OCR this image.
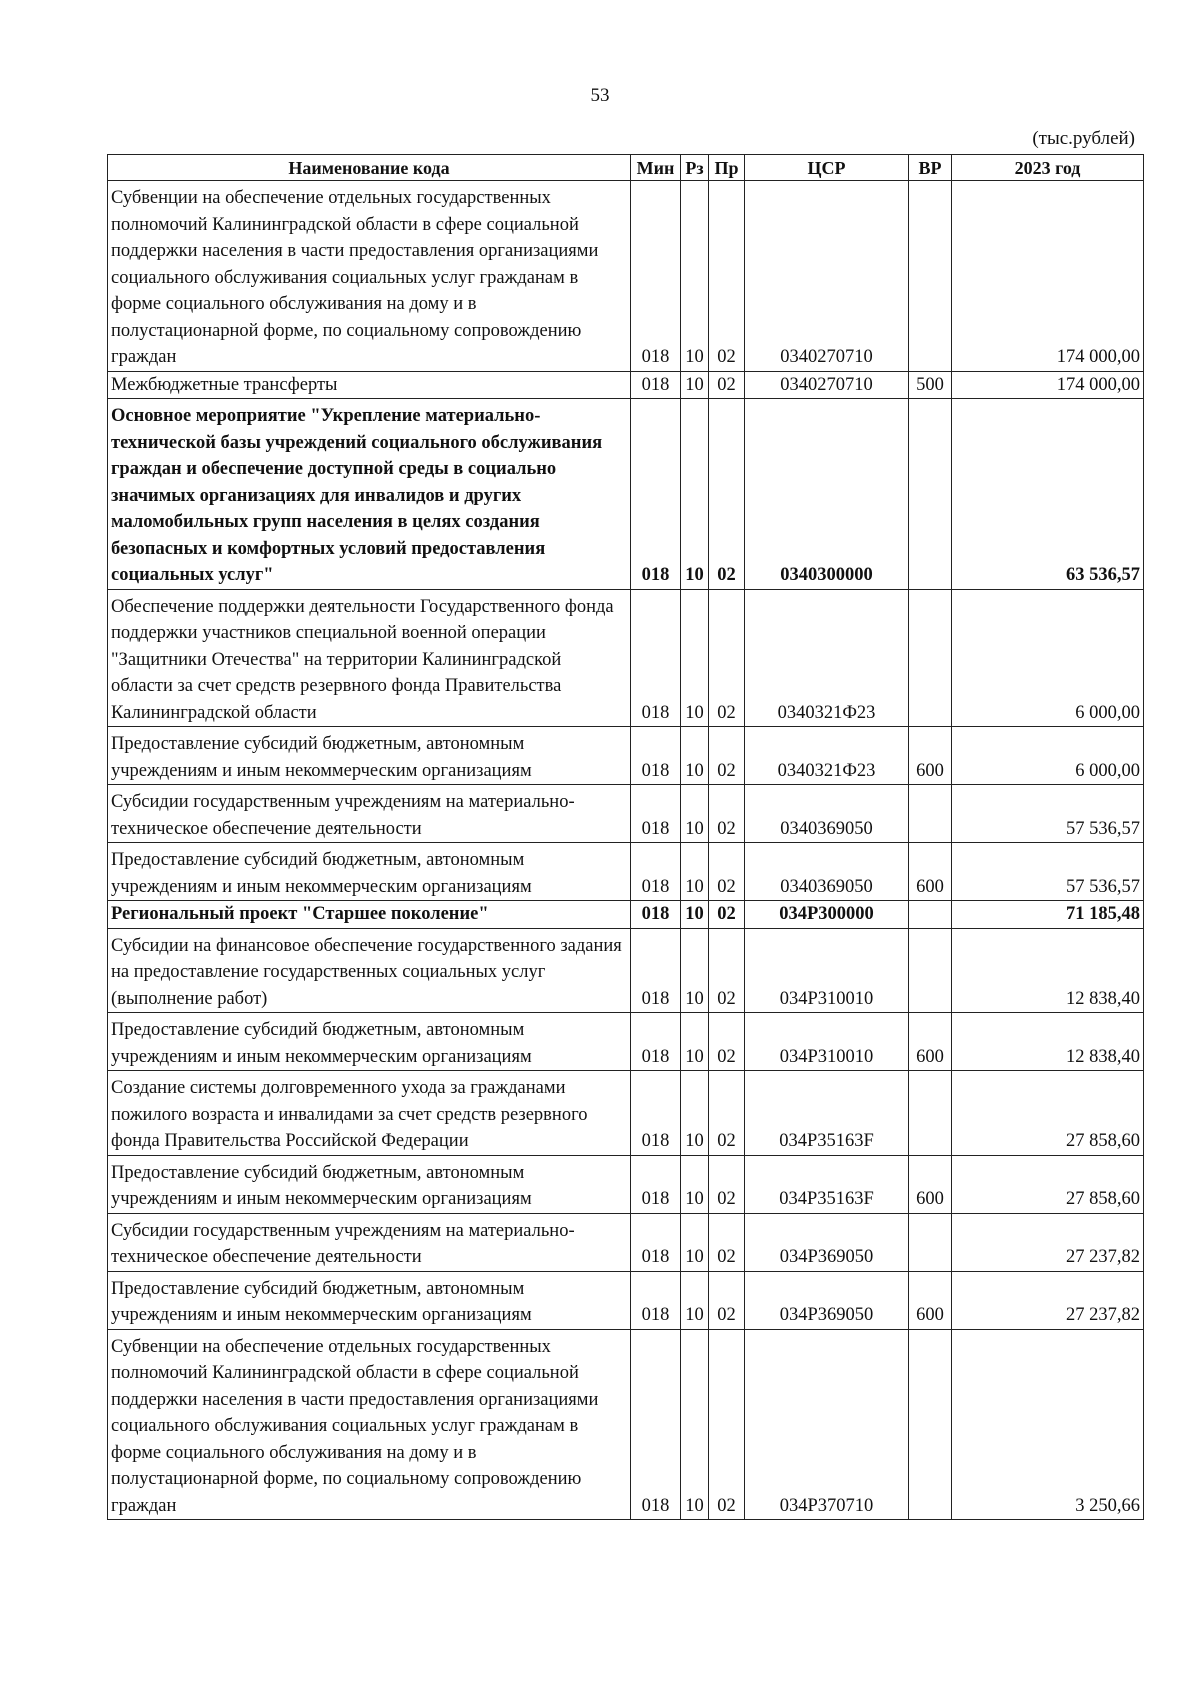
53
(тыс.рублей)
Наименование кода	Мин	Рз	Пр	ЦСР	ВР	2023 год
Субвенции на обеспечение отдельных государственных полномочий Калининградской области в сфере социальной поддержки населения в части предоставления организациями социального обслуживания социальных услуг гражданам в форме социального обслуживания на дому и в полустационарной форме, по социальному сопровождению граждан	018	10	02	0340270710		174 000,00
Межбюджетные трансферты	018	10	02	0340270710	500	174 000,00
Основное мероприятие "Укрепление материально-технической базы учреждений социального обслуживания граждан и обеспечение доступной среды в социально значимых организациях для инвалидов и других маломобильных групп населения в целях создания безопасных и комфортных условий предоставления социальных услуг"	018	10	02	0340300000		63 536,57
Обеспечение поддержки деятельности Государственного фонда поддержки участников специальной военной операции "Защитники Отечества" на территории Калининградской области за счет средств резервного фонда Правительства Калининградской области	018	10	02	0340321Ф23		6 000,00
Предоставление субсидий бюджетным, автономным учреждениям и иным некоммерческим организациям	018	10	02	0340321Ф23	600	6 000,00
Субсидии государственным учреждениям на материально-техническое обеспечение деятельности	018	10	02	0340369050		57 536,57
Предоставление субсидий бюджетным, автономным учреждениям и иным некоммерческим организациям	018	10	02	0340369050	600	57 536,57
Региональный проект "Старшее поколение"	018	10	02	034P300000		71 185,48
Субсидии на финансовое обеспечение государственного задания на предоставление государственных социальных услуг (выполнение работ)	018	10	02	034P310010		12 838,40
Предоставление субсидий бюджетным, автономным учреждениям и иным некоммерческим организациям	018	10	02	034P310010	600	12 838,40
Создание системы долговременного ухода за гражданами пожилого возраста и инвалидами за счет средств резервного фонда Правительства Российской Федерации	018	10	02	034P35163F		27 858,60
Предоставление субсидий бюджетным, автономным учреждениям и иным некоммерческим организациям	018	10	02	034P35163F	600	27 858,60
Субсидии государственным учреждениям на материально-техническое обеспечение деятельности	018	10	02	034P369050		27 237,82
Предоставление субсидий бюджетным, автономным учреждениям и иным некоммерческим организациям	018	10	02	034P369050	600	27 237,82
Субвенции на обеспечение отдельных государственных полномочий Калининградской области в сфере социальной поддержки населения в части предоставления организациями социального обслуживания социальных услуг гражданам в форме социального обслуживания на дому и в полустационарной форме, по социальному сопровождению граждан	018	10	02	034P370710		3 250,66
